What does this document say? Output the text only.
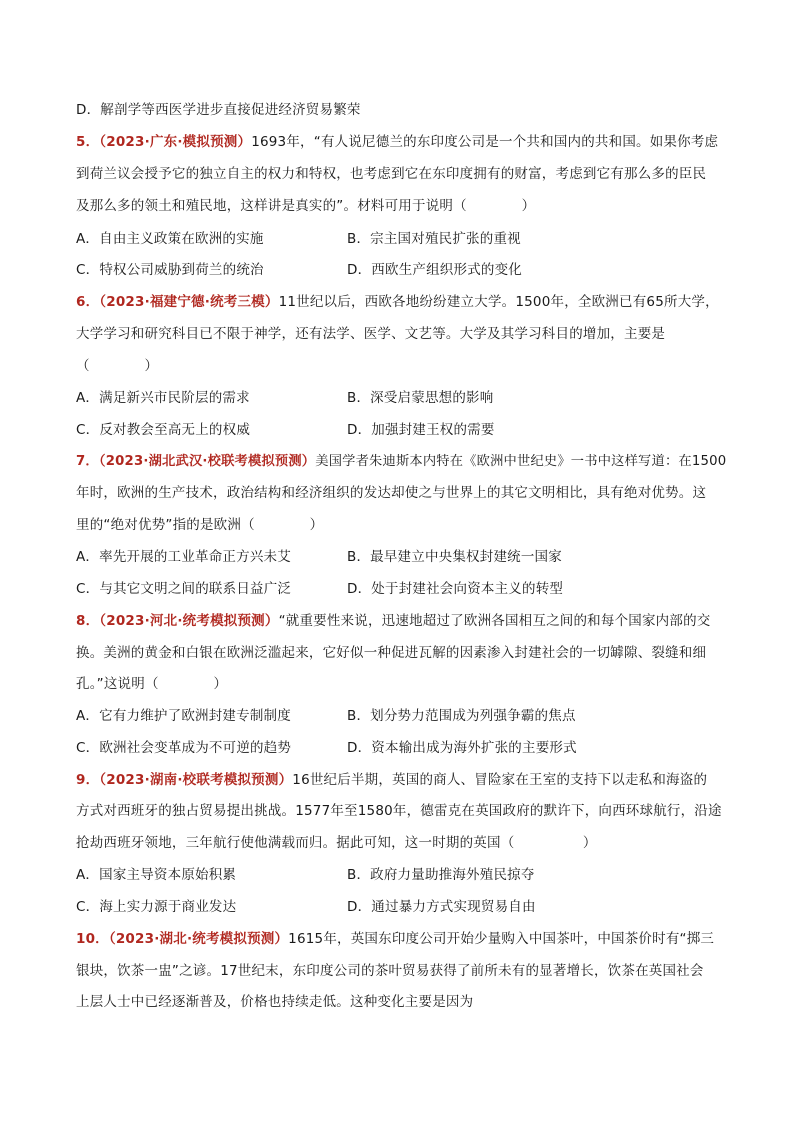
D．解剖学等西医学进步直接促进经济贸易繁荣
5．（2023·广东·模拟预测）1693年，“有人说尼德兰的东印度公司是一个共和国内的共和国。如果你考虑
到荷兰议会授予它的独立自主的权力和特权，也考虑到它在东印度拥有的财富，考虑到它有那么多的臣民
及那么多的领土和殖民地，这样讲是真实的”。材料可用于说明（　　　　）
A．自由主义政策在欧洲的实施	B．宗主国对殖民扩张的重视
C．特权公司威胁到荷兰的统治	D．西欧生产组织形式的变化
6．（2023·福建宁德·统考三模）11世纪以后，西欧各地纷纷建立大学。1500年，全欧洲已有65所大学，
大学学习和研究科目已不限于神学，还有法学、医学、文艺等。大学及其学习科目的增加，主要是
（　　　　）
A．满足新兴市民阶层的需求	B．深受启蒙思想的影响
C．反对教会至高无上的权威	D．加强封建王权的需要
7．（2023·湖北武汉·校联考模拟预测）美国学者朱迪斯本内特在《欧洲中世纪史》一书中这样写道：在1500
年时，欧洲的生产技术，政治结构和经济组织的发达却使之与世界上的其它文明相比，具有绝对优势。这
里的“绝对优势”指的是欧洲（　　　　）
A．率先开展的工业革命正方兴未艾	B．最早建立中央集权封建统一国家
C．与其它文明之间的联系日益广泛	D．处于封建社会向资本主义的转型
8．（2023·河北·统考模拟预测）“就重要性来说，迅速地超过了欧洲各国相互之间的和每个国家内部的交
换。美洲的黄金和白银在欧洲泛滥起来，它好似一种促进瓦解的因素渗入封建社会的一切罅隙、裂缝和细
孔。”这说明（　　　　）
A．它有力维护了欧洲封建专制制度	B．划分势力范围成为列强争霸的焦点
C．欧洲社会变革成为不可逆的趋势	D．资本输出成为海外扩张的主要形式
9．（2023·湖南·校联考模拟预测）16世纪后半期，英国的商人、冒险家在王室的支持下以走私和海盗的
方式对西班牙的独占贸易提出挑战。1577年至1580年，德雷克在英国政府的默许下，向西环球航行，沿途
抢劫西班牙领地，三年航行使他满载而归。据此可知，这一时期的英国（　　　　　）
A．国家主导资本原始积累	B．政府力量助推海外殖民掠夺
C．海上实力源于商业发达	D．通过暴力方式实现贸易自由
10．（2023·湖北·统考模拟预测）1615年，英国东印度公司开始少量购入中国茶叶，中国茶价时有“掷三
银块，饮茶一盅”之谚。17世纪末，东印度公司的茶叶贸易获得了前所未有的显著增长，饮茶在英国社会
上层人士中已经逐渐普及，价格也持续走低。这种变化主要是因为
